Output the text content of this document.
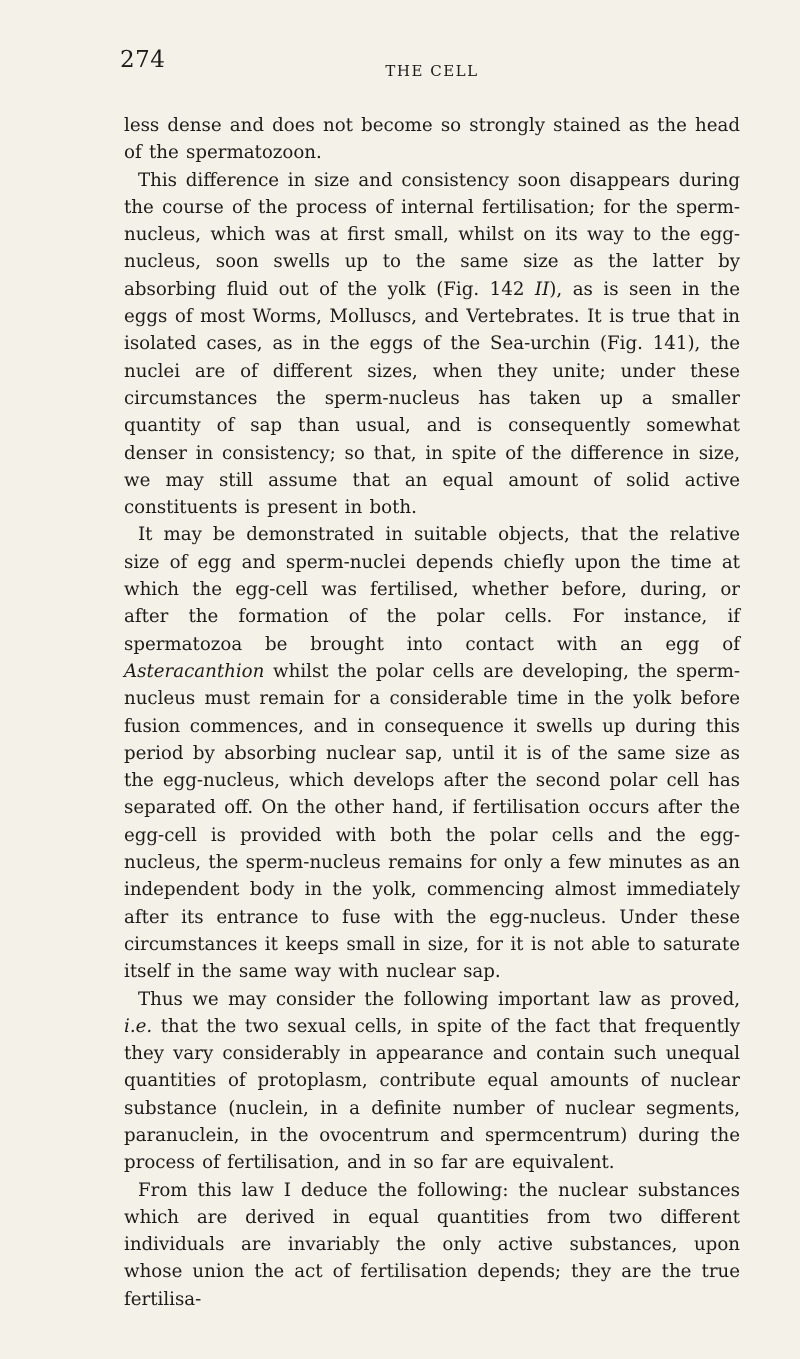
274	THE CELL

less dense and does not become so strongly stained as the head of the spermatozoon.

This difference in size and consistency soon disappears during the course of the process of internal fertilisation; for the sperm-nucleus, which was at first small, whilst on its way to the egg-nucleus, soon swells up to the same size as the latter by absorbing fluid out of the yolk (Fig. 142 II), as is seen in the eggs of most Worms, Molluscs, and Vertebrates. It is true that in isolated cases, as in the eggs of the Sea-urchin (Fig. 141), the nuclei are of different sizes, when they unite; under these circumstances the sperm-nucleus has taken up a smaller quantity of sap than usual, and is consequently somewhat denser in consistency; so that, in spite of the difference in size, we may still assume that an equal amount of solid active constituents is present in both.

It may be demonstrated in suitable objects, that the relative size of egg and sperm-nuclei depends chiefly upon the time at which the egg-cell was fertilised, whether before, during, or after the formation of the polar cells. For instance, if spermatozoa be brought into contact with an egg of Asteracanthion whilst the polar cells are developing, the sperm-nucleus must remain for a considerable time in the yolk before fusion commences, and in consequence it swells up during this period by absorbing nuclear sap, until it is of the same size as the egg-nucleus, which develops after the second polar cell has separated off. On the other hand, if fertilisation occurs after the egg-cell is provided with both the polar cells and the egg-nucleus, the sperm-nucleus remains for only a few minutes as an independent body in the yolk, commencing almost immediately after its entrance to fuse with the egg-nucleus. Under these circumstances it keeps small in size, for it is not able to saturate itself in the same way with nuclear sap.

Thus we may consider the following important law as proved, i.e. that the two sexual cells, in spite of the fact that frequently they vary considerably in appearance and contain such unequal quantities of protoplasm, contribute equal amounts of nuclear substance (nuclein, in a definite number of nuclear segments, paranuclein, in the ovocentrum and spermcentrum) during the process of fertilisation, and in so far are equivalent.

From this law I deduce the following: the nuclear substances which are derived in equal quantities from two different individuals are invariably the only active substances, upon whose union the act of fertilisation depends; they are the true fertilisa-
